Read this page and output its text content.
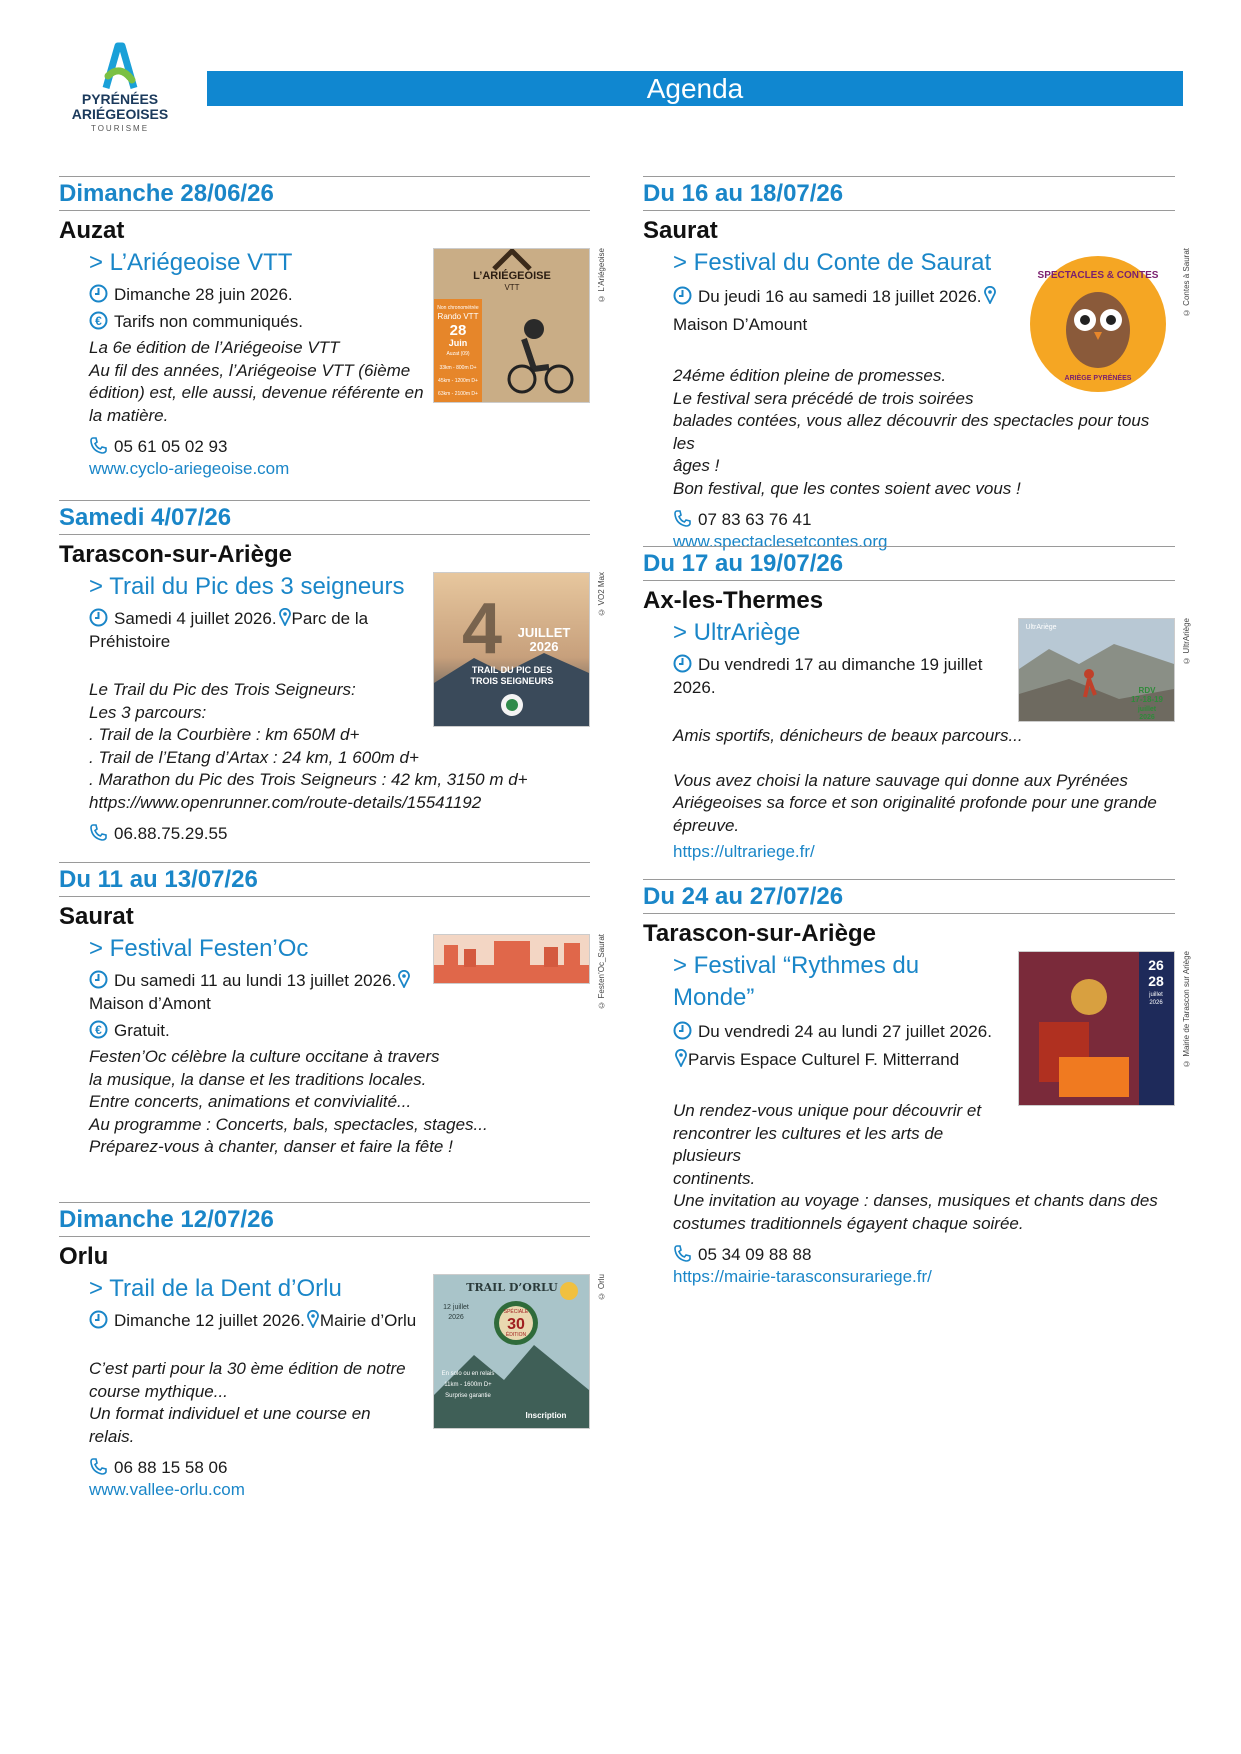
PYRÉNÉES
ARIÉGEOISES
TOURISME
Agenda
Dimanche 28/06/26
Auzat
L’ARIÉGEOISE
VTT
Non chronométrée
Rando VTT
28
Juin
Auzat (09)
33km - 800m D+
45km - 1200m D+
63km - 2100m D+
© L’Ariégeoise
> L’Ariégeoise VTT
Dimanche 28 juin 2026.
€ Tarifs non communiqués.

La 6e édition de l’Ariégeoise VTT

Au fil des années, l’Ariégeoise VTT (6ième

édition) est, elle aussi, devenue référente en

la matière.

05 61 05 02 93
www.cyclo-ariegeoise.com
Samedi 4/07/26
Tarascon-sur-Ariège
4 JUILLET
2026
TRAIL DU PIC DES
TROIS SEIGNEURS
© VO2 Max
> Trail du Pic des 3 seigneurs
Samedi 4 juillet 2026. Parc de la Préhistoire

Le Trail du Pic des Trois Seigneurs:

Les 3 parcours:

. Trail de la Courbière : km 650M d+

. Trail de l’Etang d’Artax : 24 km, 1 600m d+

. Marathon du Pic des Trois Seigneurs : 42 km, 3150 m d+

https://www.openrunner.com/route-details/15541192

06.88.75.29.55
Du 11 au 13/07/26
Saurat
© Festen’Oc_Saurat
> Festival Festen’Oc
Du samedi 11 au lundi 13 juillet 2026.Maison d’Amont
€ Gratuit.

Festen’Oc célèbre la culture occitane à travers

la musique, la danse et les traditions locales.

Entre concerts, animations et convivialité...

Au programme : Concerts, bals, spectacles, stages...

Préparez-vous à chanter, danser et faire la fête !

Dimanche 12/07/26
Orlu
TRAIL D’ORLU
12 juillet
2026
SPÉCIALE
30
ÉDITION
En solo ou en relais
11km - 1600m D+
Surprise garantie
Inscription
© Orlu
> Trail de la Dent d’Orlu
Dimanche 12 juillet 2026. Mairie d’Orlu

C’est parti pour la 30 ème édition de notre

course mythique...

Un format individuel et une course en relais.

06 88 15 58 06
www.vallee-orlu.com
Du 16 au 18/07/26
Saurat
SPECTACLES & CONTES
ARIÈGE PYRÉNÉES
© Contes à Saurat
> Festival du Conte de Saurat
Du jeudi 16 au samedi 18 juillet 2026.Maison D’Amount

24éme édition pleine de promesses.

Le festival sera précédé de trois soirées

balades contées, vous allez découvrir des spectacles pour tous les

âges !

Bon festival, que les contes soient avec vous !

07 83 63 76 41
www.spectaclesetcontes.org
Du 17 au 19/07/26
Ax-les-Thermes
UltrAriège
RDV
17-18-19
juillet
2026
© UltrAriège
> UltrAriège
Du vendredi 17 au dimanche 19 juillet 2026.

Amis sportifs, dénicheurs de beaux parcours...

Vous avez choisi la nature sauvage qui donne aux Pyrénées

Ariégeoises sa force et son originalité profonde pour une grande

épreuve.

https://ultrariege.fr/
Du 24 au 27/07/26
Tarascon-sur-Ariège
26
28
juillet
2026 © Mairie de Tarascon sur Ariège
> Festival “Rythmes du Monde”
Du vendredi 24 au lundi 27 juillet 2026.Parvis Espace Culturel F. Mitterrand

Un rendez-vous unique pour découvrir et

rencontrer les cultures et les arts de plusieurs

continents.

Une invitation au voyage : danses, musiques et chants dans des

costumes traditionnels égayent chaque soirée.

05 34 09 88 88
https://mairie-tarasconsurariege.fr/
